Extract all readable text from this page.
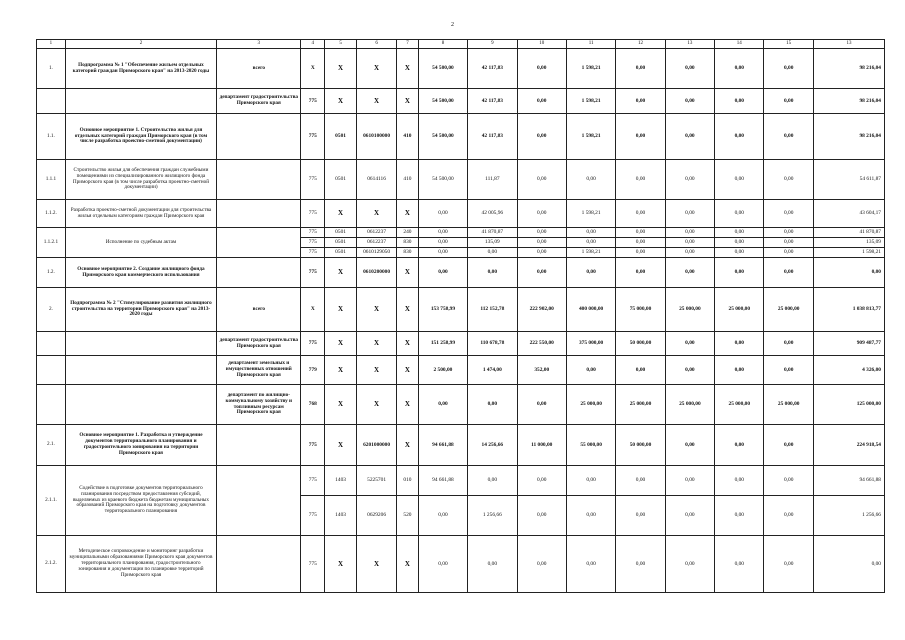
2
1	2	3	4	5	6	7	8	9	10	11	12	13	14	15	13
1.	Подпрограмма № 1 "Обеспечение жильем отдельных категорий граждан Приморского края" на 2013-2020 годы	всего	Х	Х	Х	Х	54 500,00	42 117,83	0,00	1 598,21	0,00	0,00	0,00	0,00	98 216,04
		департамент градостроительства Приморского края	775	Х	Х	Х	54 500,00	42 117,83	0,00	1 598,21	0,00	0,00	0,00	0,00	98 216,04
1.1.	Основное мероприятие 1. Строительство жилья для отдельных категорий граждан Приморского края (в том числе разработка проектно-сметной документации)		775	0501	0610100000	410	54 500,00	42 117,83	0,00	1 598,21	0,00	0,00	0,00	0,00	98 216,04
1.1.1	Строительство жилья для обеспечения граждан служебными помещениями из специализированного жилищного фонда Приморского края (в том числе разработка проектно-сметной документации)		775	0501	0614116	410	54 500,00	111,87	0,00	0,00	0,00	0,00	0,00	0,00	54 611,87
1.1.2.	Разработка проектно-сметной документации для строительства жилья отдельным категориям граждан Приморского края		775	Х	Х	Х	0,00	42 005,96	0,00	1 598,21	0,00	0,00	0,00	0,00	43 604,17
1.1.2.1	Исполнение по судебным актам		775	0501	0612237	240	0,00	41 870,87	0,00	0,00	0,00	0,00	0,00	0,00	41 870,87
			775	0501	0612237	830	0,00	135,09	0,00	0,00	0,00	0,00	0,00	0,00	135,09
			775	0501	0610129050	830	0,00	0,00	0,00	1 598,21	0,00	0,00	0,00	0,00	1 598,21
1.2.	Основное мероприятие 2. Создание жилищного фонда Приморского края коммерческого использования		775	Х	0610200000	Х	0,00	0,00	0,00	0,00	0,00	0,00	0,00	0,00	0,00
2.	Подпрограмма № 2 "Стимулирование развития жилищного строительства на территории Приморского края" на 2013-2020 годы	всего	Х	Х	Х	Х	153 758,99	112 152,78	222 902,00	400 000,00	75 000,00	25 000,00	25 000,00	25 000,00	1 038 813,77
		департамент градостроительства Приморского края	775	Х	Х	Х	151 258,99	110 678,78	222 550,00	375 000,00	50 000,00	0,00	0,00	0,00	909 487,77
		департамент земельных и имущественных отношений Приморского края	779	Х	Х	Х	2 500,00	1 474,00	352,00	0,00	0,00	0,00	0,00	0,00	4 326,00
		департамент по жилищно-коммунальному хозяйству и топливным ресурсам Приморского края	768	Х	Х	Х	0,00	0,00	0,00	25 000,00	25 000,00	25 000,00	25 000,00	25 000,00	125 000,00
2.1.	Основное мероприятие 1. Разработка и утверждение документов территориального планирования и градостроительного зонирования на территории Приморского края		775	Х	6201000000	Х	94 661,88	14 256,66	11 000,00	55 000,00	50 000,00	0,00	0,00	0,00	224 918,54
2.1.1.	Содействие в подготовке документов территориального планирования посредством предоставления субсидий, выделяемых из краевого бюджета бюджетам муниципальных образований Приморского края на подготовку документов территориального планирования		775	1403	5225701	010	94 661,88	0,00	0,00	0,00	0,00	0,00	0,00	0,00	94 661,88
			775	1403	0629206	520	0,00	1 256,66	0,00	0,00	0,00	0,00	0,00	0,00	1 256,66
2.1.2.	Методическое сопровождение и мониторинг разработки муниципальными образованиями Приморского края документов территориального планирования, градостроительного зонирования и документации по планировке территорий Приморского края		775	Х	Х	Х	0,00	0,00	0,00	0,00	0,00	0,00	0,00	0,00	0,00
